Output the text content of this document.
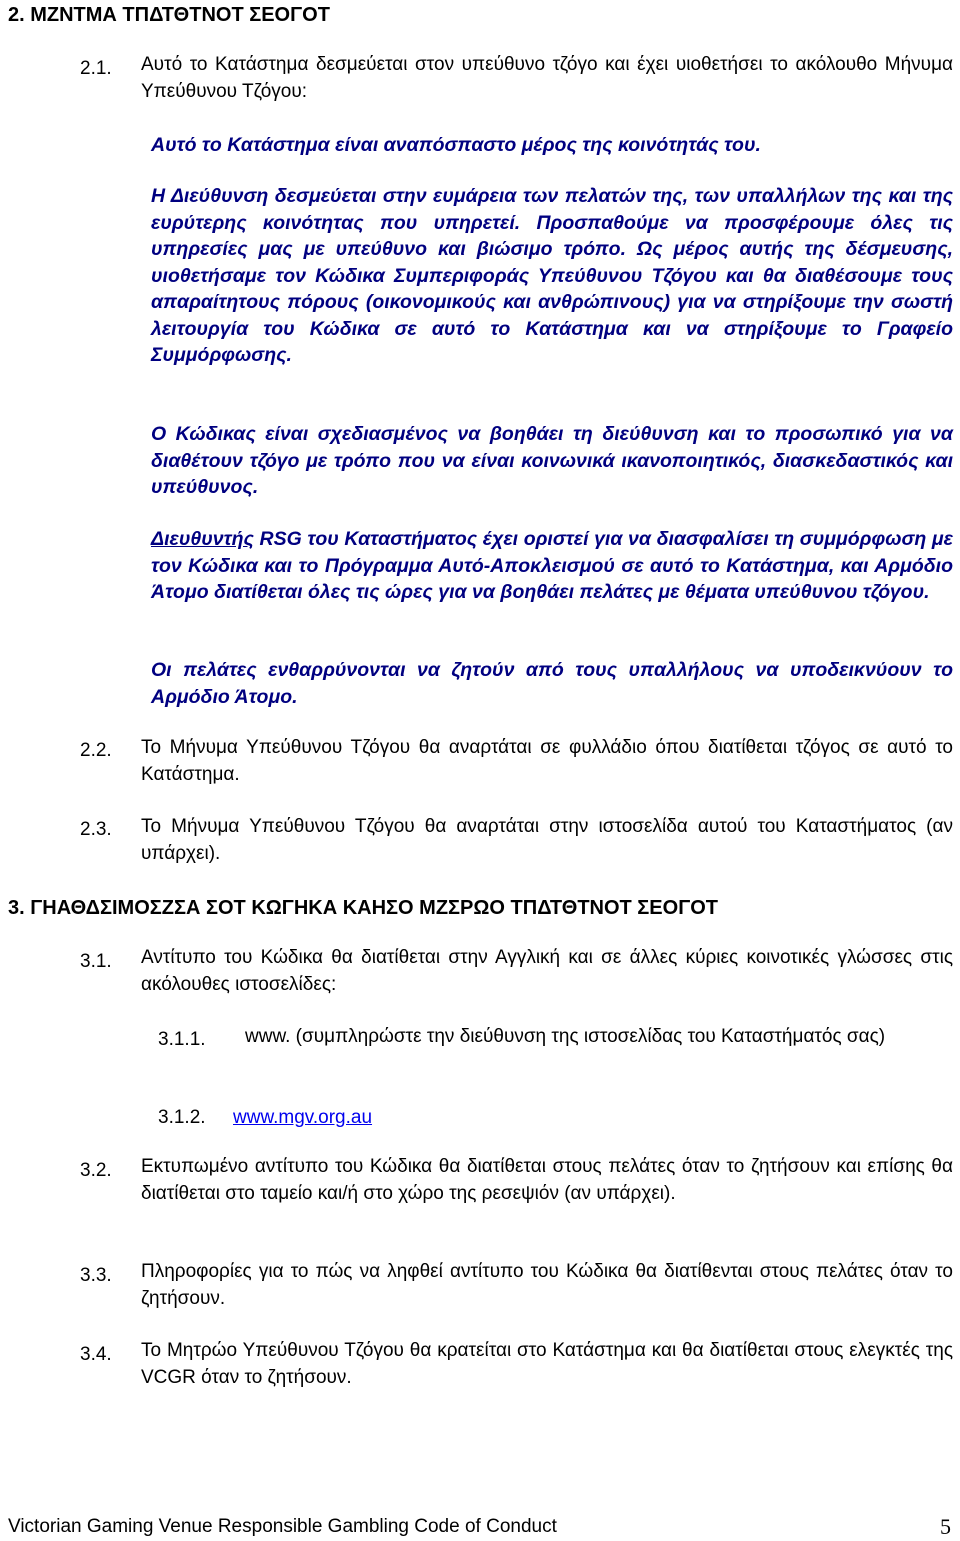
2. ΜΖΝΤΜΑ ΤΠΔΤΘΤΝΟΤ ΣΕΟΓΟΤ
2.1. Αυτό το Κατάστημα δεσμεύεται στον υπεύθυνο τζόγο και έχει υιοθετήσει το ακόλουθο Μήνυμα Υπεύθυνου Τζόγου:
Αυτό το Κατάστημα είναι αναπόσπαστο μέρος της κοινότητάς του.
Η Διεύθυνση δεσμεύεται στην ευμάρεια των πελατών της, των υπαλλήλων της και της ευρύτερης κοινότητας που υπηρετεί. Προσπαθούμε να προσφέρουμε όλες τις υπηρεσίες μας με υπεύθυνο και βιώσιμο τρόπο. Ως μέρος αυτής της δέσμευσης, υιοθετήσαμε τον Κώδικα Συμπεριφοράς Υπεύθυνου Τζόγου και θα διαθέσουμε τους απαραίτητους πόρους (οικονομικούς και ανθρώπινους) για να στηρίξουμε την σωστή λειτουργία του Κώδικα σε αυτό το Κατάστημα και να στηρίξουμε το Γραφείο Συμμόρφωσης.
Ο Κώδικας είναι σχεδιασμένος να βοηθάει τη διεύθυνση και το προσωπικό για να διαθέτουν τζόγο με τρόπο που να είναι κοινωνικά ικανοποιητικός, διασκεδαστικός και υπεύθυνος.
Διευθυντής RSG του Καταστήματος έχει οριστεί για να διασφαλίσει τη συμμόρφωση με τον Κώδικα και το Πρόγραμμα Αυτό-Αποκλεισμού σε αυτό το Κατάστημα, και Αρμόδιο Άτομο διατίθεται όλες τις ώρες για να βοηθάει πελάτες με θέματα υπεύθυνου τζόγου.
Οι πελάτες ενθαρρύνονται να ζητούν από τους υπαλλήλους να υποδεικνύουν το Αρμόδιο Άτομο.
2.2. Το Μήνυμα Υπεύθυνου Τζόγου θα αναρτάται σε φυλλάδιο όπου διατίθεται τζόγος σε αυτό το Κατάστημα.
2.3. Το Μήνυμα Υπεύθυνου Τζόγου θα αναρτάται στην ιστοσελίδα αυτού του Καταστήματος (αν υπάρχει).
3. ΓΗΑΘΔΣΙΜΟΣΖΣΑ ΣΟΤ ΚΩΓΗΚΑ ΚΑΗΣΟ ΜΖΣΡΩΟ ΤΠΔΤΘΤΝΟΤ ΣΕΟΓΟΤ
3.1. Αντίτυπο του Κώδικα θα διατίθεται στην Αγγλική και σε άλλες κύριες κοινοτικές γλώσσες στις ακόλουθες ιστοσελίδες:
3.1.1. www. (συμπληρώστε την διεύθυνση της ιστοσελίδας του Καταστήματός σας)
3.1.2. www.mgv.org.au
3.2. Εκτυπωμένο αντίτυπο του Κώδικα θα διατίθεται στους πελάτες όταν το ζητήσουν και επίσης θα διατίθεται στο ταμείο και/ή στο χώρο της ρεσεψιόν (αν υπάρχει).
3.3. Πληροφορίες για το πώς να ληφθεί αντίτυπο του Κώδικα θα διατίθενται στους πελάτες όταν το ζητήσουν.
3.4. Το Μητρώο Υπεύθυνου Τζόγου θα κρατείται στο Κατάστημα και θα διατίθεται στους ελεγκτές της VCGR όταν το ζητήσουν.
Victorian Gaming Venue Responsible Gambling Code of Conduct	5
